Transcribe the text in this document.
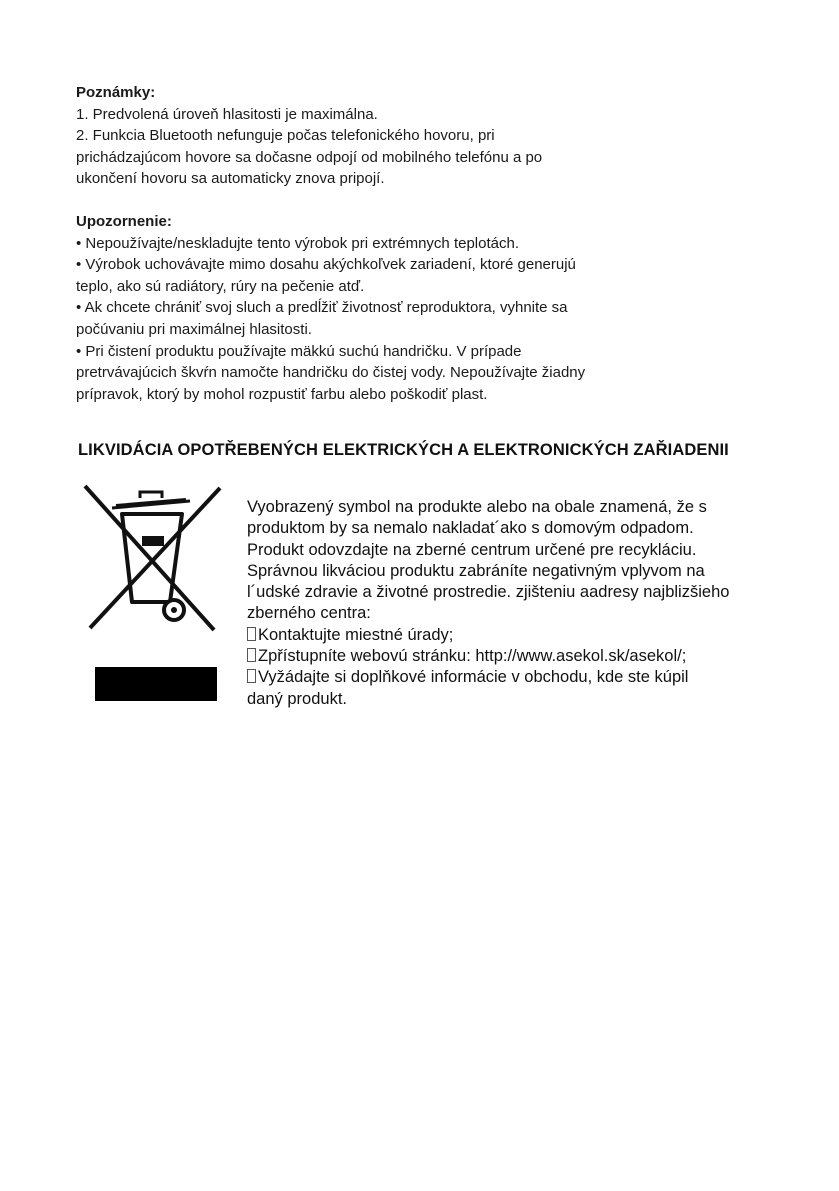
Poznámky:
1. Predvolená úroveň hlasitosti je maximálna.
2. Funkcia Bluetooth nefunguje počas telefonického hovoru, pri
prichádzajúcom hovore sa dočasne odpojí od mobilného telefónu a po
ukončení hovoru sa automaticky znova pripojí.
Upozornenie:
• Nepoužívajte/neskladujte tento výrobok pri extrémnych teplotách.
• Výrobok uchovávajte mimo dosahu akýchkoľvek zariadení, ktoré generujú
teplo, ako sú radiátory, rúry na pečenie atď.
• Ak chcete chrániť svoj sluch a predĺžiť životnosť reproduktora, vyhnite sa
počúvaniu pri maximálnej hlasitosti.
• Pri čistení produktu používajte mäkkú suchú handričku. V prípade
pretrvávajúcich škvŕn namočte handričku do čistej vody. Nepoužívajte žiadny
prípravok, ktorý by mohol rozpustiť farbu alebo poškodiť plast.
LIKVIDÁCIA OPOTŘEBENÝCH ELEKTRICKÝCH A ELEKTRONICKÝCH ZAŘIADENII
Vyobrazený symbol na produkte alebo na obale znamená, že s
produktom by sa nemalo nakladat´ako s domovým odpadom.
Produkt odovzdajte na zberné centrum určené pre recykláciu.
Správnou likváciou produktu zabráníte negativným vplyvom na
l´udské zdravie a životné prostredie. zjišteniu aadresy najblizšieho
zberného centra:
Kontaktujte miestné úrady;
Zpřístupníte webovú stránku: http://www.asekol.sk/asekol/;
Vyžádajte si doplňkové informácie v obchodu, kde ste kúpil
daný produkt.
